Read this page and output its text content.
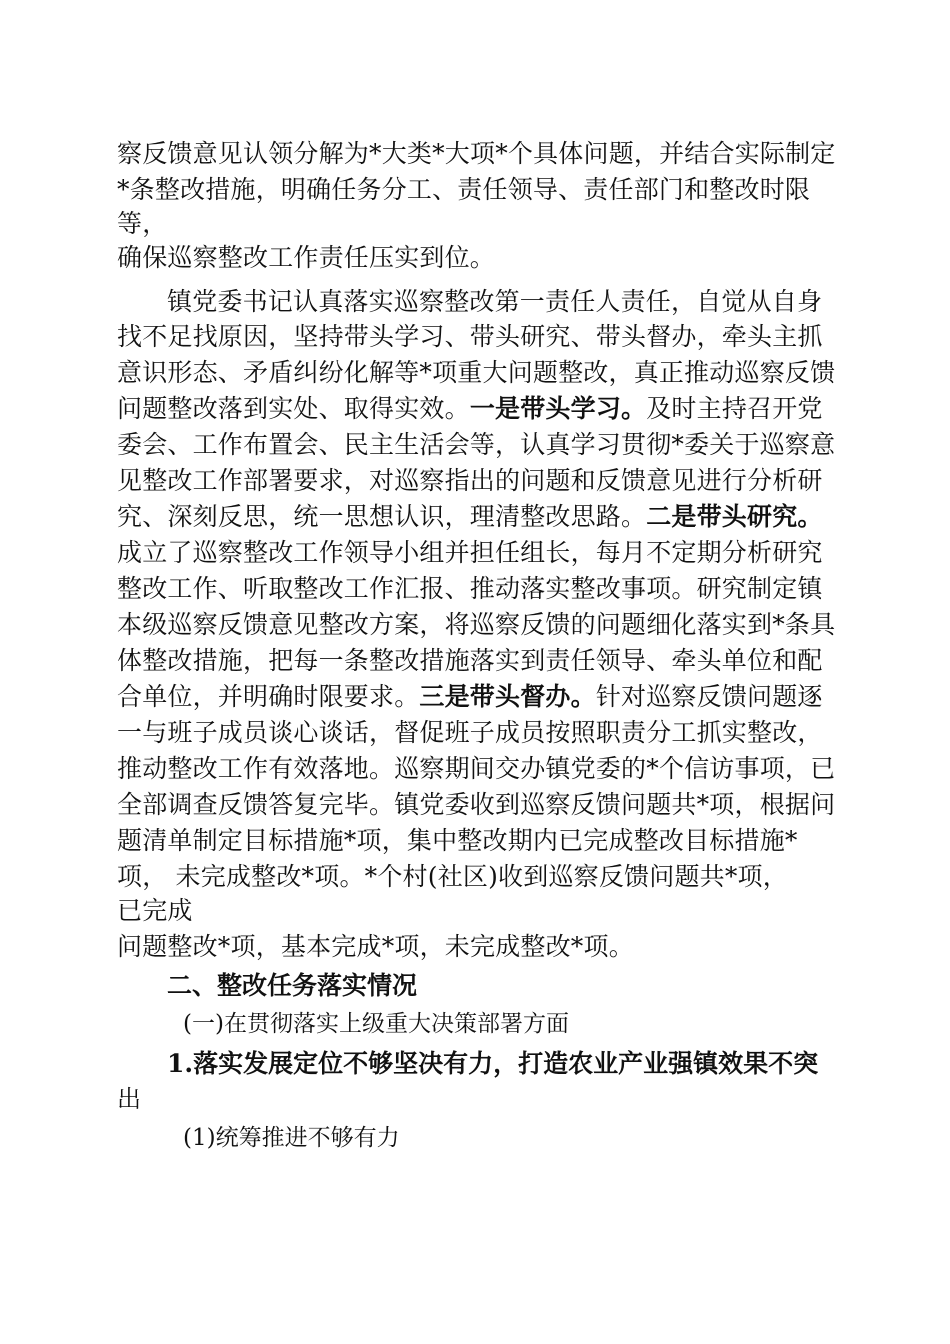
察反馈意见认领分解为*大类*大项*个具体问题，并结合实际制定
*条整改措施，明确任务分工、责任领导、责任部门和整改时限
等，
确保巡察整改工作责任压实到位。
镇党委书记认真落实巡察整改第一责任人责任，自觉从自身
找不足找原因，坚持带头学习、带头研究、带头督办，牵头主抓
意识形态、矛盾纠纷化解等*项重大问题整改，真正推动巡察反馈
问题整改落到实处、取得实效。一是带头学习。及时主持召开党
委会、工作布置会、民主生活会等，认真学习贯彻*委关于巡察意
见整改工作部署要求，对巡察指出的问题和反馈意见进行分析研
究、深刻反思，统一思想认识，理清整改思路。二是带头研究。
成立了巡察整改工作领导小组并担任组长，每月不定期分析研究
整改工作、听取整改工作汇报、推动落实整改事项。研究制定镇
本级巡察反馈意见整改方案，将巡察反馈的问题细化落实到*条具
体整改措施，把每一条整改措施落实到责任领导、牵头单位和配
合单位，并明确时限要求。三是带头督办。针对巡察反馈问题逐
一与班子成员谈心谈话，督促班子成员按照职责分工抓实整改，
推动整改工作有效落地。巡察期间交办镇党委的*个信访事项，已
全部调查反馈答复完毕。镇党委收到巡察反馈问题共*项，根据问
题清单制定目标措施*项，集中整改期内已完成整改目标措施*
项， 未完成整改*项。*个村(社区)收到巡察反馈问题共*项，
已完成
问题整改*项，基本完成*项，未完成整改*项。
二、整改任务落实情况
(一)在贯彻落实上级重大决策部署方面
1.落实发展定位不够坚决有力，打造农业产业强镇效果不突
出
(1)统筹推进不够有力
